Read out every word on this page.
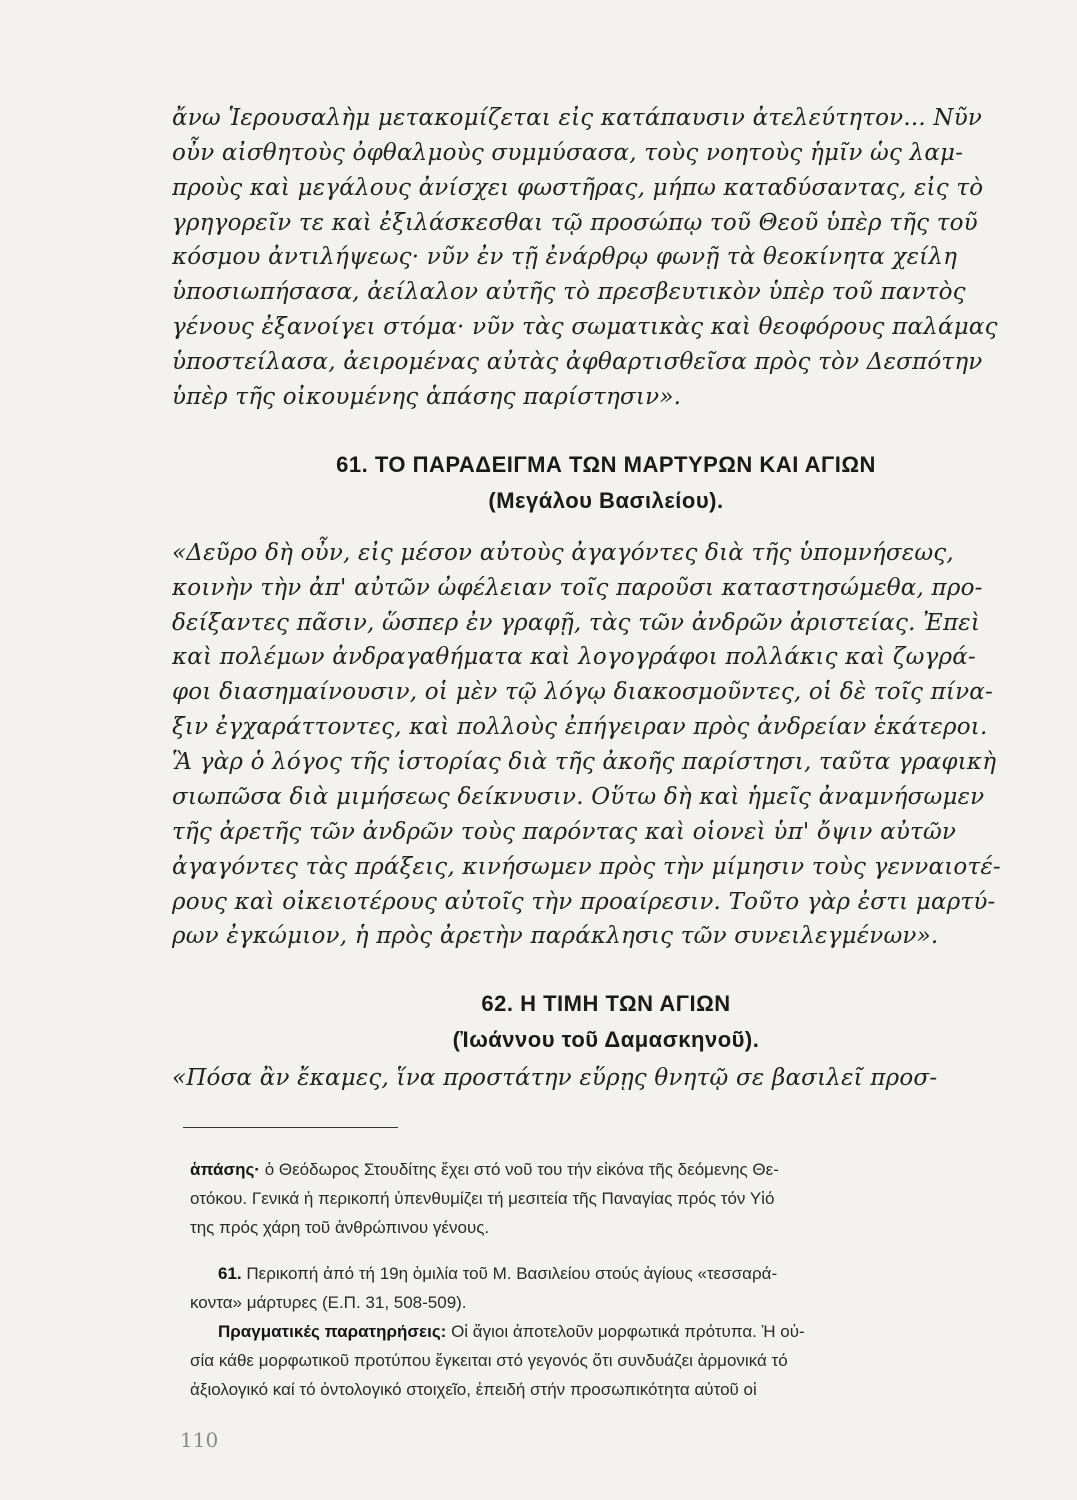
ἄνω Ἱερουσαλὴμ μετακομίζεται εἰς κατάπαυσιν ἀτελεύτητον... Νῦν
οὖν αἰσθητοὺς ὀφθαλμοὺς συμμύσασα, τοὺς νοητοὺς ἡμῖν ὡς λαμ-
προὺς καὶ μεγάλους ἀνίσχει φωστῆρας, μήπω καταδύσαντας, εἰς τὸ
γρηγορεῖν τε καὶ ἐξιλάσκεσθαι τῷ προσώπῳ τοῦ Θεοῦ ὑπὲρ τῆς τοῦ
κόσμου ἀντιλήψεως· νῦν ἐν τῇ ἐνάρθρῳ φωνῇ τὰ θεοκίνητα χείλη
ὑποσιωπήσασα, ἀείλαλον αὐτῆς τὸ πρεσβευτικὸν ὑπὲρ τοῦ παντὸς
γένους ἐξανοίγει στόμα· νῦν τὰς σωματικὰς καὶ θεοφόρους παλάμας
ὑποστείλασα, ἀειρομένας αὐτὰς ἀφθαρτισθεῖσα πρὸς τὸν Δεσπότην
ὑπὲρ τῆς οἰκουμένης ἁπάσης παρίστησιν».
61. ΤΟ ΠΑΡΑΔΕΙΓΜΑ ΤΩΝ ΜΑΡΤΥΡΩΝ ΚΑΙ ΑΓΙΩΝ
(Μεγάλου Βασιλείου).
«Δεῦρο δὴ οὖν, εἰς μέσον αὐτοὺς ἀγαγόντες διὰ τῆς ὑπομνήσεως,
κοινὴν τὴν ἀπ' αὐτῶν ὠφέλειαν τοῖς παροῦσι καταστησώμεθα, προ-
δείξαντες πᾶσιν, ὥσπερ ἐν γραφῇ, τὰς τῶν ἀνδρῶν ἀριστείας. Ἐπεὶ
καὶ πολέμων ἀνδραγαθήματα καὶ λογογράφοι πολλάκις καὶ ζωγρά-
φοι διασημαίνουσιν, οἱ μὲν τῷ λόγῳ διακοσμοῦντες, οἱ δὲ τοῖς πίνα-
ξιν ἐγχαράττοντες, καὶ πολλοὺς ἐπήγειραν πρὸς ἀνδρείαν ἑκάτεροι.
Ἃ γὰρ ὁ λόγος τῆς ἱστορίας διὰ τῆς ἀκοῆς παρίστησι, ταῦτα γραφικὴ
σιωπῶσα διὰ μιμήσεως δείκνυσιν. Οὕτω δὴ καὶ ἡμεῖς ἀναμνήσωμεν
τῆς ἀρετῆς τῶν ἀνδρῶν τοὺς παρόντας καὶ οἱονεὶ ὑπ' ὄψιν αὐτῶν
ἀγαγόντες τὰς πράξεις, κινήσωμεν πρὸς τὴν μίμησιν τοὺς γενναιοτέ-
ρους καὶ οἰκειοτέρους αὐτοῖς τὴν προαίρεσιν. Τοῦτο γὰρ ἐστι μαρτύ-
ρων ἐγκώμιον, ἡ πρὸς ἀρετὴν παράκλησις τῶν συνειλεγμένων».
62. Η ΤΙΜΗ ΤΩΝ ΑΓΙΩΝ
(Ἰωάννου τοῦ Δαμασκηνοῦ).
«Πόσα ἂν ἔκαμες, ἵνα προστάτην εὕρῃς θνητῷ σε βασιλεῖ προσ-
ἁπάσης· ὁ Θεόδωρος Στουδίτης ἔχει στό νοῦ του τήν εἰκόνα τῆς δεόμενης Θε-
οτόκου. Γενικά ἡ περικοπή ὑπενθυμίζει τή μεσιτεία τῆς Παναγίας πρός τόν Υἱό
της πρός χάρη τοῦ ἀνθρώπινου γένους.
61. Περικοπή ἀπό τή 19η ὁμιλία τοῦ Μ. Βασιλείου στούς ἁγίους «τεσσαρά-
κοντα» μάρτυρες (Ε.Π. 31, 508-509).
Πραγματικές παρατηρήσεις: Οἱ ἅγιοι ἀποτελοῦν μορφωτικά πρότυπα. Ἡ οὐ-
σία κάθε μορφωτικοῦ προτύπου ἔγκειται στό γεγονός ὅτι συνδυάζει ἁρμονικά τό
ἀξιολογικό καί τό ὀντολογικό στοιχεῖο, ἐπειδή στήν προσωπικότητα αὐτοῦ οἱ
110
